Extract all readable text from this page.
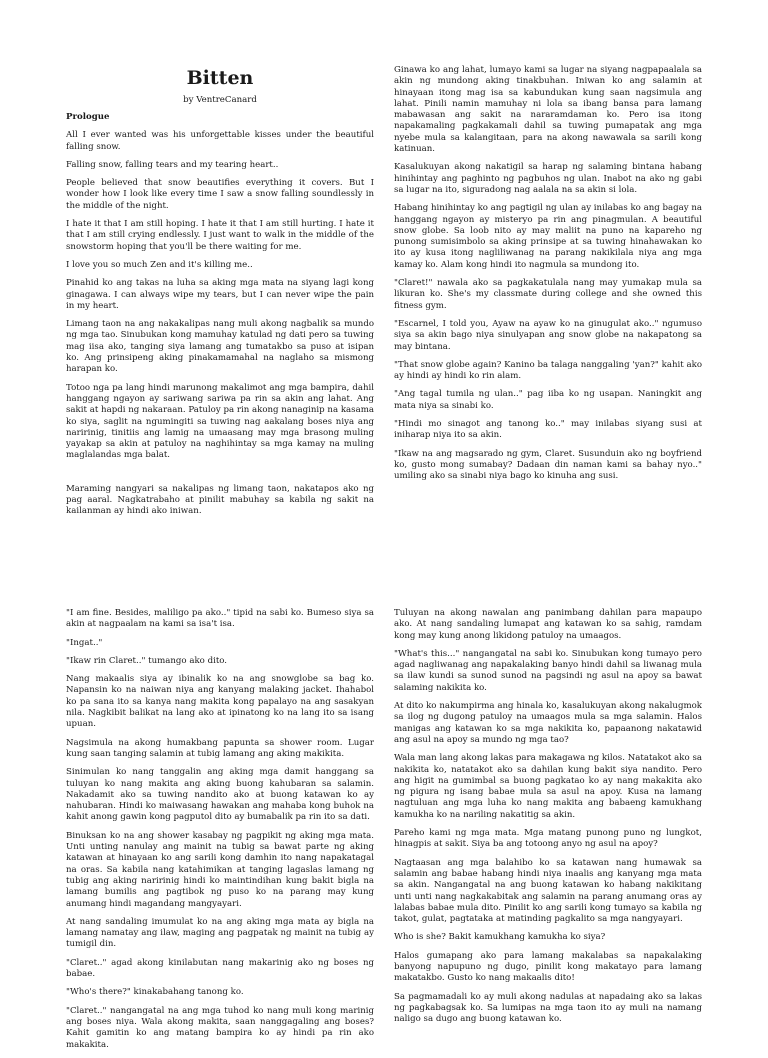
Bitten

by VentreCanard

Prologue

All I ever wanted was his unforgettable kisses under the beautiful falling snow.

Falling snow, falling tears and my tearing heart..

People believed that snow beautifies everything it covers. But I wonder how I look like every time I saw a snow falling soundlessly in the middle of the night.

I hate it that I am still hoping. I hate it that I am still hurting. I hate it that I am still crying endlessly. I just want to walk in the middle of the snowstorm hoping that you'll be there waiting for me.

I love you so much Zen and it's killing me..

Pinahid ko ang takas na luha sa aking mga mata na siyang lagi kong ginagawa. I can always wipe my tears, but I can never wipe the pain in my heart.

Limang taon na ang nakakalipas nang muli akong nagbalik sa mundo ng mga tao. Sinubukan kong mamuhay katulad ng dati pero sa tuwing mag iisa ako, tanging siya lamang ang tumatakbo sa puso at isipan ko. Ang prinsipeng aking pinakamamahal na naglaho sa mismong harapan ko.

Totoo nga pa lang hindi marunong makalimot ang mga bampira, dahil hanggang ngayon ay sariwang sariwa pa rin sa akin ang lahat. Ang sakit at hapdi ng nakaraan. Patuloy pa rin akong nanaginip na kasama ko siya, saglit na ngumingiti sa tuwing nag aakalang boses niya ang naririnig, tinitiis ang lamig na umaasang may mga brasong muling yayakap sa akin at patuloy na naghihintay sa mga kamay na muling maglalandas mga balat.

Maraming nangyari sa nakalipas ng limang taon, nakatapos ako ng pag aaral. Nagkatrabaho at pinilit mabuhay sa kabila ng sakit na kailanman ay hindi ako iniwan.

Ginawa ko ang lahat, lumayo kami sa lugar na siyang nagpapaalala sa akin ng mundong aking tinakbuhan. Iniwan ko ang salamin at hinayaan itong mag isa sa kabundukan kung saan nagsimula ang lahat. Pinili namin mamuhay ni lola sa ibang bansa para lamang mabawasan ang sakit na nararamdaman ko. Pero isa itong napakamaling pagkakamali dahil sa tuwing pumapatak ang mga nyebe mula sa kalangitaan, para na akong nawawala sa sarili kong katinuan.

Kasalukuyan akong nakatigil sa harap ng salaming bintana habang hinihintay ang paghinto ng pagbuhos ng ulan. Inabot na ako ng gabi sa lugar na ito, siguradong nag aalala na sa akin si lola.

Habang hinihintay ko ang pagtigil ng ulan ay inilabas ko ang bagay na hanggang ngayon ay misteryo pa rin ang pinagmulan. A beautiful snow globe. Sa loob nito ay may maliit na puno na kapareho ng punong sumisimbolo sa aking prinsipe at sa tuwing hinahawakan ko ito ay kusa itong nagliliwanag na parang nakikilala niya ang mga kamay ko. Alam kong hindi ito nagmula sa mundong ito.

"Claret!" nawala ako sa pagkakatulala nang may yumakap mula sa likuran ko. She's my classmate during college and she owned this fitness gym.

"Escarnel, I told you, Ayaw na ayaw ko na ginugulat ako.." ngumuso siya sa akin bago niya sinulyapan ang snow globe na nakapatong sa may bintana.

"That snow globe again? Kanino ba talaga nanggaling 'yan?" kahit ako ay hindi ay hindi ko rin alam.

"Ang tagal tumila ng ulan.." pag iiba ko ng usapan. Naningkit ang mata niya sa sinabi ko.

"Hindi mo sinagot ang tanong ko.." may inilabas siyang susi at iniharap niya ito sa akin.

"Ikaw na ang magsarado ng gym, Claret. Susunduin ako ng boyfriend ko, gusto mong sumabay? Dadaan din naman kami sa bahay nyo.." umiling ako sa sinabi niya bago ko kinuha ang susi.

"I am fine. Besides, maliligo pa ako.." tipid na sabi ko. Bumeso siya sa akin at nagpaalam na kami sa isa't isa.

"Ingat.."

"Ikaw rin Claret.." tumango ako dito.

Nang makaalis siya ay ibinalik ko na ang snowglobe sa bag ko. Napansin ko na naiwan niya ang kanyang malaking jacket. Ihahabol ko pa sana ito sa kanya nang makita kong papalayo na ang sasakyan nila. Nagkibit balikat na lang ako at ipinatong ko na lang ito sa isang upuan.

Nagsimula na akong humakbang papunta sa shower room. Lugar kung saan tanging salamin at tubig lamang ang aking makikita.

Sinimulan ko nang tanggalin ang aking mga damit hanggang sa tuluyan ko nang makita ang aking buong kahubaran sa salamin. Nakadamit ako sa tuwing nandito ako at buong katawan ko ay nahubaran. Hindi ko maiwasang hawakan ang mahaba kong buhok na kahit anong gawin kong pagputol dito ay bumabalik pa rin ito sa dati.

Binuksan ko na ang shower kasabay ng pagpikit ng aking mga mata. Unti unting nanulay ang mainit na tubig sa bawat parte ng aking katawan at hinayaan ko ang sarili kong damhin ito nang napakatagal na oras. Sa kabila nang katahimikan at tanging lagaslas lamang ng tubig ang aking naririnig hindi ko maintindihan kung bakit bigla na lamang bumilis ang pagtibok ng puso ko na parang may kung anumang hindi magandang mangyayari.

At nang sandaling imumulat ko na ang aking mga mata ay bigla na lamang namatay ang ilaw, maging ang pagpatak ng mainit na tubig ay tumigil din.

"Claret.." agad akong kinilabutan nang makarinig ako ng boses ng babae.

"Who's there?" kinakabahang tanong ko.

"Claret.." nangangatal na ang mga tuhod ko nang muli kong marinig ang boses niya. Wala akong makita, saan nanggagaling ang boses? Kahit gamitin ko ang matang bampira ko ay hindi pa rin ako makakita.

Tuluyan na akong nawalan ang panimbang dahilan para mapaupo ako. At nang sandaling lumapat ang katawan ko sa sahig, ramdam kong may kung anong likidong patuloy na umaagos.

"What's this..." nangangatal na sabi ko. Sinubukan kong tumayo pero agad nagliwanag ang napakalaking banyo hindi dahil sa liwanag mula sa ilaw kundi sa sunod sunod na pagsindi ng asul na apoy sa bawat salaming nakikita ko.

At dito ko nakumpirma ang hinala ko, kasalukuyan akong nakalugmok sa ilog ng dugong patuloy na umaagos mula sa mga salamin. Halos manigas ang katawan ko sa mga nakikita ko, papaanong nakatawid ang asul na apoy sa mundo ng mga tao?

Wala man lang akong lakas para makagawa ng kilos. Natatakot ako sa nakikita ko, natatakot ako sa dahilan kung bakit siya nandito. Pero ang higit na gumimbal sa buong pagkatao ko ay nang makakita ako ng pigura ng isang babae mula sa asul na apoy. Kusa na lamang nagtuluan ang mga luha ko nang makita ang babaeng kamukhang kamukha ko na nariling nakatitig sa akin.

Pareho kami ng mga mata. Mga matang punong puno ng lungkot, hinagpis at sakit. Siya ba ang totoong anyo ng asul na apoy?

Nagtaasan ang mga balahibo ko sa katawan nang humawak sa salamin ang babae habang hindi niya inaalis ang kanyang mga mata sa akin. Nangangatal na ang buong katawan ko habang nakikitang unti unti nang nagkakabitak ang salamin na parang anumang oras ay lalabas babae mula dito. Pinilit ko ang sarili kong tumayo sa kabila ng takot, gulat, pagtataka at matinding pagkalito sa mga nangyayari.

Who is she? Bakit kamukhang kamukha ko siya?

Halos gumapang ako para lamang makalabas sa napakalaking banyong napupuno ng dugo, pinilit kong makatayo para lamang makatakbo. Gusto ko nang makaalis dito!

Sa pagmamadali ko ay muli akong nadulas at napadaing ako sa lakas ng pagkabagsak ko. Sa lumipas na mga taon ito ay muli na namang naligo sa dugo ang buong katawan ko.
